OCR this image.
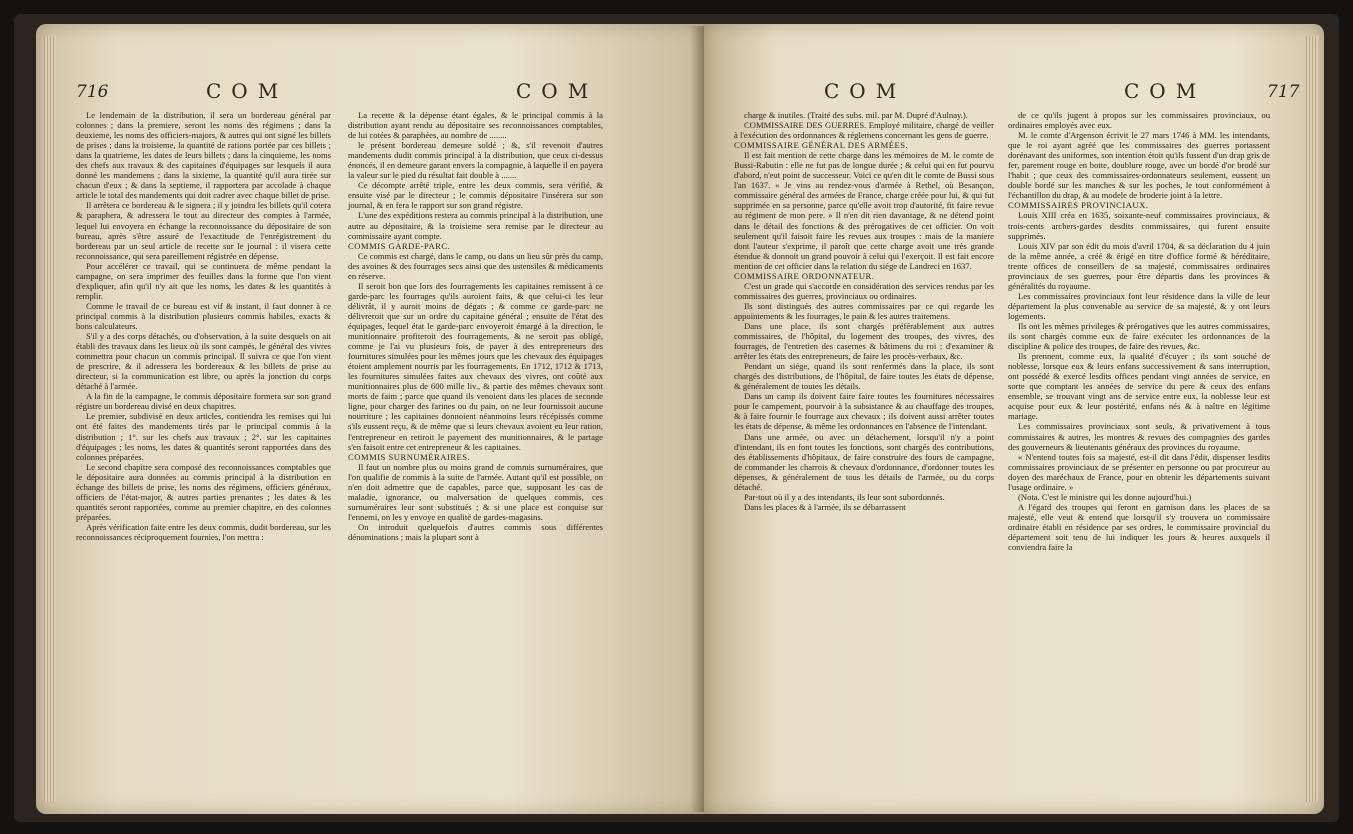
716	COM	COM

Le lendemain de la distribution, il sera un bordereau général par colonnes ; dans la premiere, seront les noms des régimens ; dans la deuxieme, les noms des officiers-majors, & autres qui ont signé les billets de prises ; dans la troisieme, la quantité de rations portée par ces billets ; dans la quatrieme, les dates de leurs billets ; dans la cinquieme, les noms des chefs aux travaux & des capitaines d'équipages sur lesquels il aura donné les mandemens ; dans la sixieme, la quantité qu'il aura tirée sur chacun d'eux ; & dans la septieme, il rapportera par accolade à chaque article le total des mandements qui doit cadrer avec chaque billet de prise.

Il arrêtera ce bordereau & le signera ; il y joindra les billets qu'il cotera & paraphera, & adressera le tout au directeur des comptes à l'armée, lequel lui envoyera en échange la reconnoissance du dépositaire de son bureau, après s'être assuré de l'exactitude de l'enrégistrement du bordereau par un seul article de recette sur le journal : il visera cette reconnoissance, qui sera pareillement régistrée en dépense.

Pour accélérer ce travail, qui se continuera de même pendant la campagne, on sera imprimer des feuilles dans la forme que l'on vient d'expliquer, afin qu'il n'y ait que les noms, les dates & les quantités à remplir.

Comme le travail de ce bureau est vif & instant, il faut donner à ce principal commis à la distribution plusieurs commis habiles, exacts & bons calculateurs.

S'il y a des corps détachés, ou d'observation, à la suite desquels on ait établi des travaux dans les lieux où ils sont campés, le général des vivres commettra pour chacun un commis principal. Il suivra ce que l'on vient de prescrire, & il adressera les bordereaux & les billets de prise au directeur, si la communication est libre, ou après la jonction du corps détaché à l'armée.

A la fin de la campagne, le commis dépositaire formera sur son grand régistre un bordereau divisé en deux chapitres.

Le premier, subdivisé en deux articles, contiendra les remises qui lui ont été faites des mandements tirés par le principal commis à la distribution ; 1°. sur les chefs aux travaux ; 2°. sur les capitaines d'équipages ; les noms, les dates & quantités seront rapportées dans des colonnes préparées.

Le second chapitre sera composé des reconnoissances comptables que le dépositaire aura données au commis principal à la distribution en échange des billets de prise, les noms des régimens, officiers généraux, officiers de l'état-major, & autres parties prenantes ; les dates & les quantités seront rapportées, comme au premier chapitre, en des colonnes préparées.

Après vérification faite entre les deux commis, dudit bordereau, sur les reconnoissances réciproquement fournies, l'on mettra :

La recette & la dépense étant égales, & le principal commis à la distribution ayant rendu au dépositaire ses reconnoissances comptables, de lui cotées & paraphées, au nombre de ........

le présent bordereau demeure soldé ; &, s'il revenoit d'autres mandements dudit commis principal à la distribution, que ceux ci-dessus énoncés, il en demeure garant envers la compagnie, à laquelle il en payera la valeur sur le pied du résultat fait double à .......

Ce décompte arrêté triple, entre les deux commis, sera vérifié, & ensuite visé par le directeur ; le commis dépositaire l'insérera sur son journal, & en fera le rapport sur son grand régistre.

L'une des expéditions restera au commis principal à la distribution, une autre au dépositaire, & la troisieme sera remise par le directeur au commissaire ayant compte.

COMMIS GARDE-PARC.

Ce commis est chargé, dans le camp, ou dans un lieu sûr près du camp, des avoines & des fourrages secs ainsi que des ustensiles & médicaments en réserve.

Il seroit bon que lors des fourragements les capitaines remissent à ce garde-parc les fourrages qu'ils auroient faits, & que celui-ci les leur délivrât, il y auroit moins de dégats ; & comme ce garde-parc ne délivreroit que sur un ordre du capitaine général ; ensuite de l'état des équipages, lequel état le garde-parc envoyeroit émargé à la direction, le munitionnaire profiteroit des fourragements, & ne seroit pas obligé, comme je l'ai vu plusieurs fois, de payer à des entrepreneurs des fournitures simulées pour les mêmes jours que les chevaux des équipages étoient amplement nourris par les fourragements. En 1712, 1712 & 1713, les fournitures simulées faites aux chevaux des vivres, ont coûté aux munitionnaires plus de 600 mille liv., & partie des mêmes chevaux sont morts de faim ; parce que quand ils venoient dans les places de seconde ligne, pour charger des farines ou du pain, on ne leur fournissoit aucune nourriture ; les capitaines donnoient néanmoins leurs récépissés comme s'ils eussent reçu, & de même que si leurs chevaux avoient eu leur ration, l'entrepreneur en retiroit le payement des munitionnaires, & le partage s'en faisoit entre cet entrepreneur & les capitaines.

COMMIS SURNUMÉRAIRES.

Il faut un nombre plus ou moins grand de commis surnuméraires, que l'on qualifie de commis à la suite de l'armée. Autant qu'il est possible, on n'en doit admettre que de capables, parce que, supposant les cas de maladie, ignorance, ou malversation de quelques commis, ces surnuméraires leur sont substitués ; & si une place est conquise sur l'ennemi, on les y envoye en qualité de gardes-magasins.

On introduit quelquefois d'autres commis sous différentes dénominations ; mais la plupart sont à

COM	COM	717

charge & inutiles. (Traité des subs. mil. par M. Dupré d'Aulnay.).

COMMISSAIRE DES GUERRES. Employé militaire, chargé de veiller à l'exécution des ordonnances & réglemens concernant les gens de guerre.

COMMISSAIRE GÉNÉRAL DES ARMÉES.

Il est fait mention de cette charge dans les mémoires de M. le comte de Bussi-Rabutin : elle ne fut pas de longue durée ; & celui qui en fut pourvu d'abord, n'eut point de successeur. Voici ce qu'en dit le comte de Bussi sous l'an 1637. « Je vins au rendez-vous d'armée à Rethel, où Besançon, commissaire général des armées de France, charge créée pour lui, & qui fut supprimée en sa personne, parce qu'elle avoit trop d'autorité, fit faire revue au régiment de mon pere. » Il n'en dit rien davantage, & ne détend point dans le détail des fonctions & des prérogatives de cet officier. On voit seulement qu'il faisoit faire les revues aux troupes : mais de la maniere dont l'auteur s'exprime, il paroît que cette charge avoit une très grande étendue & donnoit un grand pouvoir à celui qui l'exerçoit. Il est fait encore mention de cet officier dans la relation du siége de Landreci en 1637.

COMMISSAIRE ORDONNATEUR.

C'est un grade qui s'accorde en considération des services rendus par les commissaires des guerres, provinciaux ou ordinaires.

Ils sont distingués des autres commissaires par ce qui regarde les appointements & les fourrages, le pain & les autres traitemens.

Dans une place, ils sont chargés préférablement aux autres commissaires, de l'hôpital, du logement des troupes, des vivres, des fourrages, de l'entretien des casernes & bâtimens du roi ; d'examiner & arrêter les états des entrepreneurs, de faire les procès-verbaux, &c.

Pendant un siége, quand ils sont renfermés dans la place, ils sont chargés des distributions, de l'hôpital, de faire toutes les états de dépense, & généralement de toutes les détails.

Dans un camp ils doivent faire faire toutes les fournitures nécessaires pour le campement, pourvoir à la subsistance & au chauffage des troupes, & à faire fournir le fourrage aux chevaux ; ils doivent aussi arrêter toutes les états de dépense, & même les ordonnances en l'absence de l'intendant.

Dans une armée, ou avec un détachement, lorsqu'il n'y a point d'intendant, ils en font toutes les fonctions, sont chargés des contributions, des établissements d'hôpitaux, de faire construire des fours de campagne, de commander les charrois & chevaux d'ordonnance, d'ordonner toutes les dépenses, & généralement de tous les détails de l'armée, ou du corps détaché.

Par-tout où il y a des intendants, ils leur sont subordonnés.

Dans les places & à l'armée, ils se débarrassent

de ce qu'ils jugent à propos sur les commissaires provinciaux, ou ordinaires employés avec eux.

M. le comte d'Argenson écrivit le 27 mars 1746 à MM. les intendants, que le roi ayant agréé que les commissaires des guerres portassent dorénavant des uniformes, son intention étoit qu'ils fussent d'un drap gris de fer, parement rouge en botte, doublure rouge, avec un bordé d'or brodé sur l'habit ; que ceux des commissaires-ordonnateurs seulement, eussent un double bordé sur les manches & sur les poches, le tout conformément à l'échantillon du drap, & au modele de broderie joint à la lettre.

COMMISSAIRES PROVINCIAUX.

Louis XIII créa en 1635, soixante-neuf commissaires provinciaux, & trois-cents archers-gardes desdits commissaires, qui furent ensuite supprimés.

Louis XIV par son édit du mois d'avril 1704, & sa déclaration du 4 juin de la même année, a créé & érigé en titre d'office formé & héréditaire, trente offices de conseillers de sa majesté, commissaires ordinaires provinciaux de ses guerres, pour être départis dans les provinces & généralités du royaume.

Les commissaires provinciaux font leur résidence dans la ville de leur département la plus convenable au service de sa majesté, & y ont leurs logements.

Ils ont les mêmes privileges & prérogatives que les autres commissaires, ils sont chargés comme eux de faire exécuter les ordonnances de la discipline & police des troupes, de faire des revues, &c.

Ils prennent, comme eux, la qualité d'écuyer ; ils sont souché de noblesse, lorsque eux & leurs enfans successivement & sans interruption, ont possédé & exercé lesdits offices pendant vingt années de service, en sorte que comptant les années de service du pere & ceux des enfans ensemble, se trouvant vingt ans de service entre eux, la noblesse leur est acquise pour eux & leur postérité, enfans nés & à naître en légitime mariage.

Les commissaires provinciaux sont seuls, & privativement à tous commissaires & autres, les montres & revues des compagnies des gardes des gouverneurs & lieutenants généraux des provinces du royaume.

« N'entend toutes fois sa majesté, est-il dit dans l'édit, dispenser lesdits commissaires provinciaux de se présenter en personne ou par procureur au doyen des maréchaux de France, pour en obtenir les départements suivant l'usage ordinaire. »

(Nota. C'est le ministre qui les donne aujourd'hui.)

A l'égard des troupes qui feront en garnison dans les places de sa majesté, elle veut & entend que lorsqu'il s'y trouvera un commissaire ordinaire établi en résidence par ses ordres, le commissaire provincial du département soit tenu de lui indiquer les jours & heures auxquels il conviendra faire la
